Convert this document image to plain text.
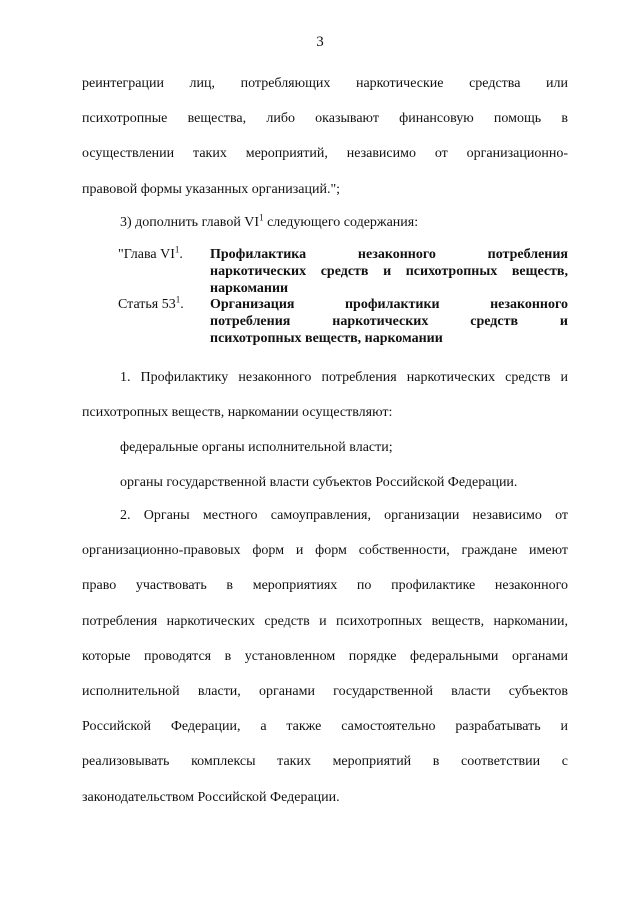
3
реинтеграции лиц, потребляющих наркотические средства или
психотропные вещества, либо оказывают финансовую помощь в
осуществлении таких мероприятий, независимо от организационно-
правовой формы указанных организаций.";
3) дополнить главой $VI^1$ следующего содержания:
"Глава $VI^1$.	Профилактика незаконного потребления
наркотических средств и психотропных веществ,
наркомании
Статья $53^1$.	Организация профилактики незаконного
потребления наркотических средств и
психотропных веществ, наркомании
1. Профилактику незаконного потребления наркотических средств и
психотропных веществ, наркомании осуществляют:
федеральные органы исполнительной власти;
органы государственной власти субъектов Российской Федерации.
2. Органы местного самоуправления, организации независимо от
организационно-правовых форм и форм собственности, граждане имеют
право участвовать в мероприятиях по профилактике незаконного
потребления наркотических средств и психотропных веществ, наркомании,
которые проводятся в установленном порядке федеральными органами
исполнительной власти, органами государственной власти субъектов
Российской Федерации, а также самостоятельно разрабатывать и
реализовывать комплексы таких мероприятий в соответствии с
законодательством Российской Федерации.
